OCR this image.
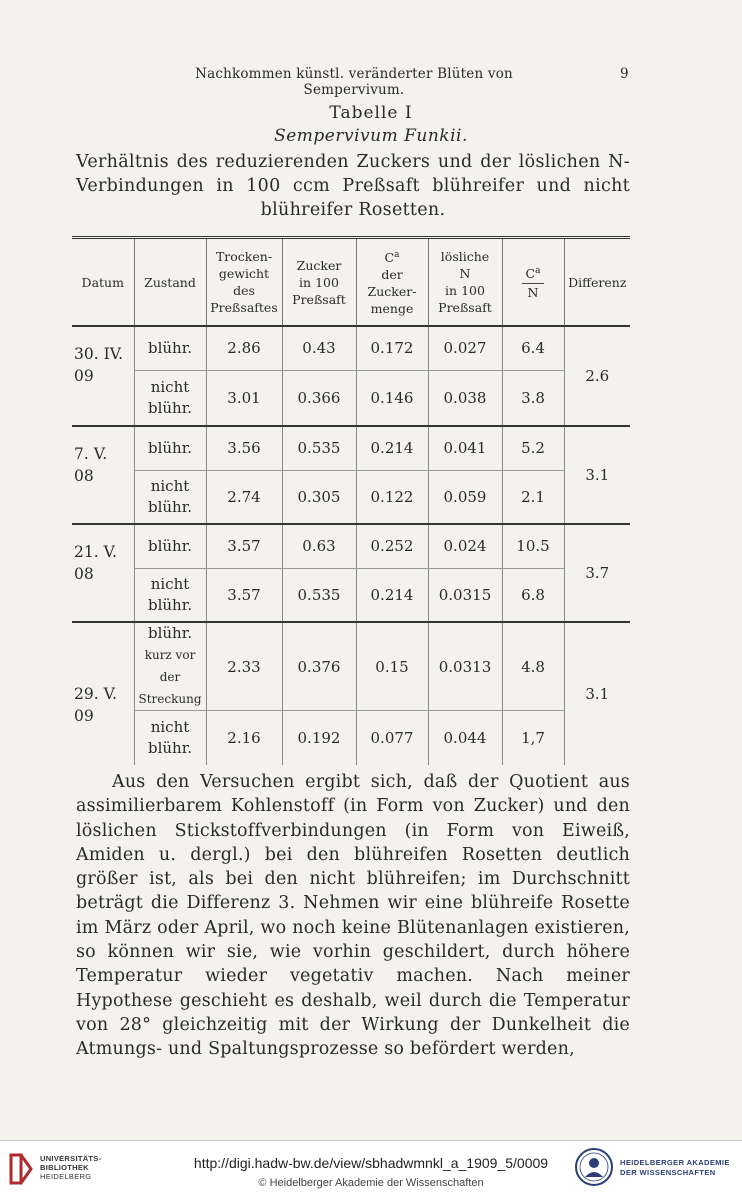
Nachkommen künstl. veränderter Blüten von Sempervivum.
9
Tabelle I
Sempervivum Funkii.
Verhältnis des reduzierenden Zuckers und der löslichen N-Verbindungen in 100 ccm Preßsaft blühreifer und nicht blühreifer Rosetten.
Datum	Zustand	Trocken-
gewicht
des
Preßsaftes	Zucker
in 100
Preßsaft	$C^a$
der
Zucker-
menge	lösliche
N
in 100
Preßsaft	$\frac{C^a}{N}$	Differenz
30. IV.
09	blühr.	2.86	0.43	0.172	0.027	6.4	2.6
	nicht
blühr.	3.01	0.366	0.146	0.038	3.8	
7. V.
08	blühr.	3.56	0.535	0.214	0.041	5.2	3.1
	nicht
blühr.	2.74	0.305	0.122	0.059	2.1	
21. V.
08	blühr.	3.57	0.63	0.252	0.024	10.5	3.7
	nicht
blühr.	3.57	0.535	0.214	0.0315	6.8	
29. V.
09	blühr.
kurz vor
der
Streckung	2.33	0.376	0.15	0.0313	4.8	3.1
	nicht
blühr.	2.16	0.192	0.077	0.044	1,7	

Aus den Versuchen ergibt sich, daß der Quotient aus assimilierbarem Kohlenstoff (in Form von Zucker) und den löslichen Stickstoffverbindungen (in Form von Eiweiß, Amiden u. dergl.) bei den blühreifen Rosetten deutlich größer ist, als bei den nicht blühreifen; im Durchschnitt beträgt die Differenz 3. Nehmen wir eine blühreife Rosette im März oder April, wo noch keine Blütenanlagen existieren, so können wir sie, wie vorhin geschildert, durch höhere Temperatur wieder vegetativ machen. Nach meiner Hypothese geschieht es deshalb, weil durch die Temperatur von 28° gleichzeitig mit der Wirkung der Dunkelheit die Atmungs- und Spaltungsprozesse so befördert werden,

UNIVERSITÄTS-
BIBLIOTHEK
HEIDELBERG
http://digi.hadw-bw.de/view/sbhadwmnkl_a_1909_5/0009
© Heidelberger Akademie der Wissenschaften
HEIDELBERGER AKADEMIE
DER WISSENSCHAFTEN
